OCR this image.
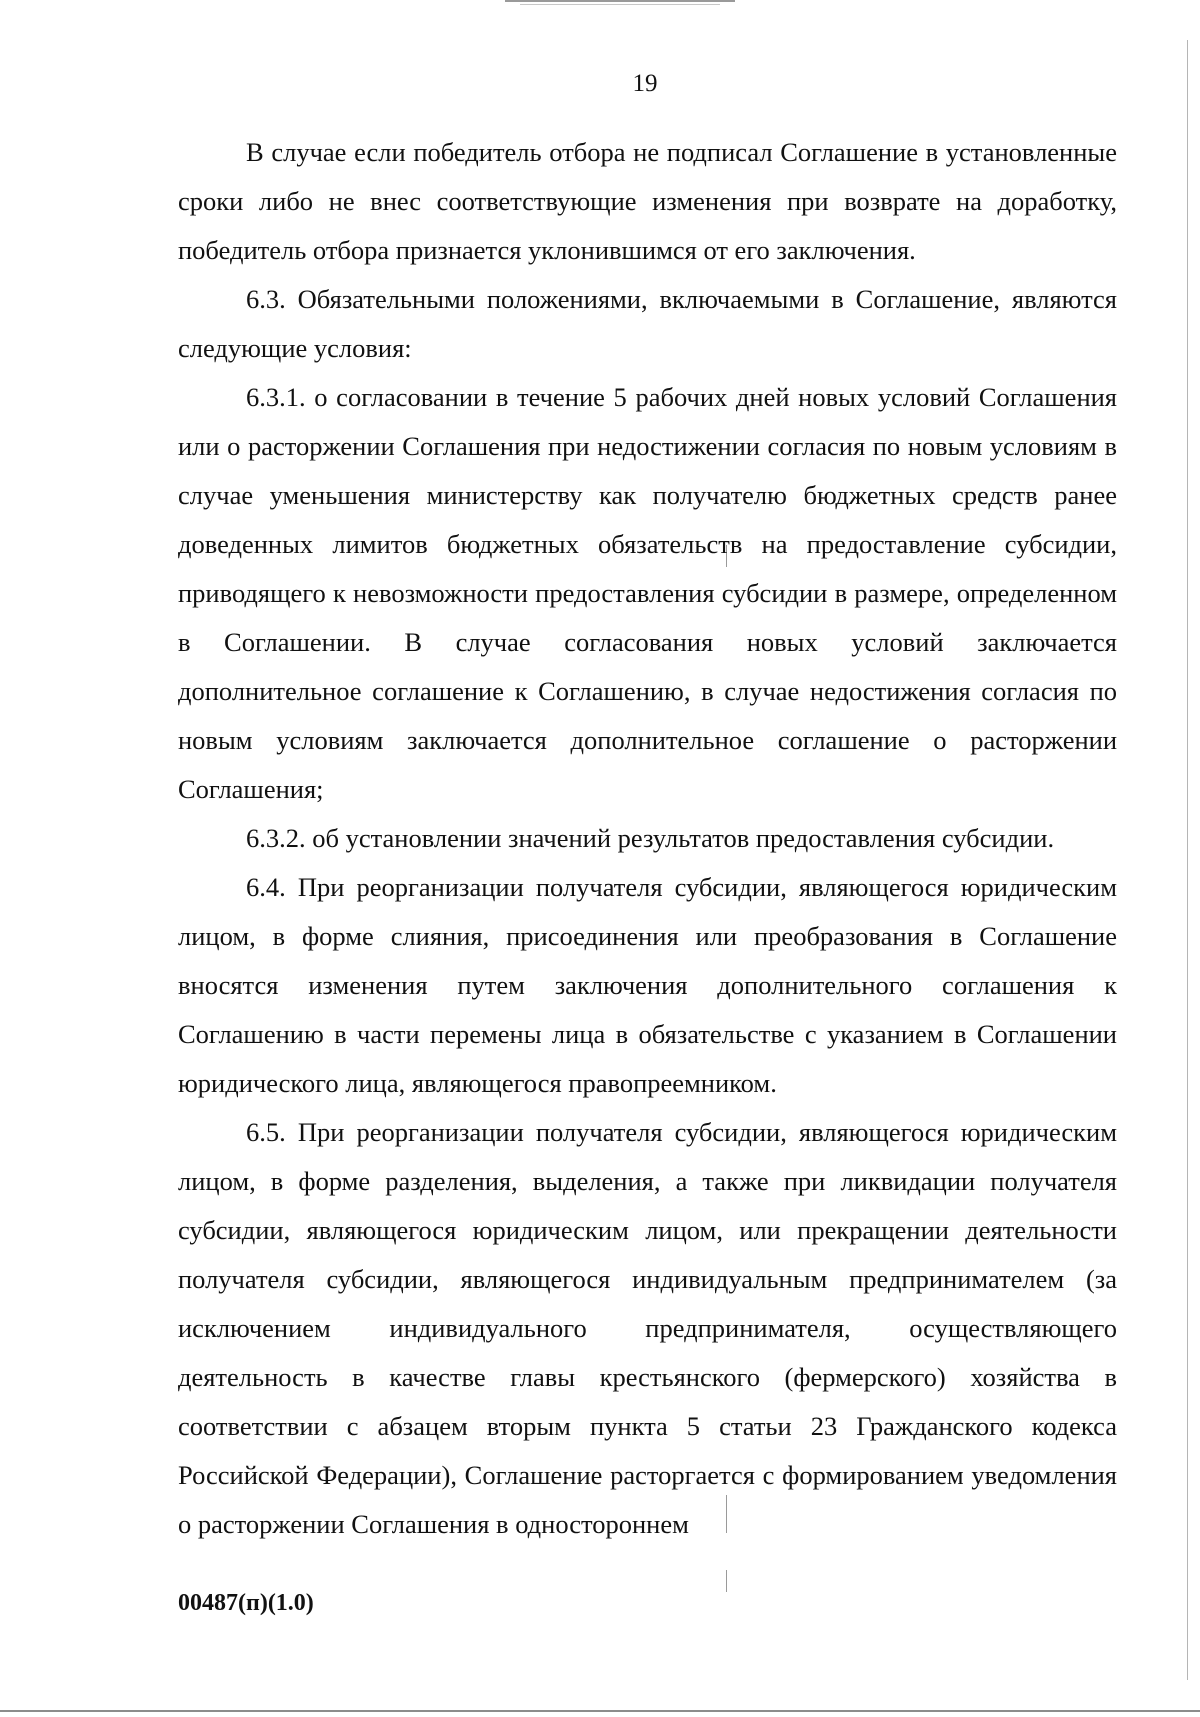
19

В случае если победитель отбора не подписал Соглашение в установленные сроки либо не внес соответствующие изменения при возврате на доработку, победитель отбора признается уклонившимся от его заключения.

6.3. Обязательными положениями, включаемыми в Соглашение, являются следующие условия:

6.3.1. о согласовании в течение 5 рабочих дней новых условий Соглашения или о расторжении Соглашения при недостижении согласия по новым условиям в случае уменьшения министерству как получателю бюджетных средств ранее доведенных лимитов бюджетных обязательств на предоставление субсидии, приводящего к невозможности предоставления субсидии в размере, определенном в Соглашении. В случае согласования новых условий заключается дополнительное соглашение к Соглашению, в случае недостижения согласия по новым условиям заключается дополнительное соглашение о расторжении Соглашения;

6.3.2. об установлении значений результатов предоставления субсидии.

6.4. При реорганизации получателя субсидии, являющегося юридическим лицом, в форме слияния, присоединения или преобразования в Соглашение вносятся изменения путем заключения дополнительного соглашения к Соглашению в части перемены лица в обязательстве с указанием в Соглашении юридического лица, являющегося правопреемником.

6.5. При реорганизации получателя субсидии, являющегося юридическим лицом, в форме разделения, выделения, а также при ликвидации получателя субсидии, являющегося юридическим лицом, или прекращении деятельности получателя субсидии, являющегося индивидуальным предпринимателем (за исключением индивидуального предпринимателя, осуществляющего деятельность в качестве главы крестьянского (фермерского) хозяйства в соответствии с абзацем вторым пункта 5 статьи 23 Гражданского кодекса Российской Федерации), Соглашение расторгается с формированием уведомления о расторжении Соглашения в одностороннем

00487(п)(1.0)
